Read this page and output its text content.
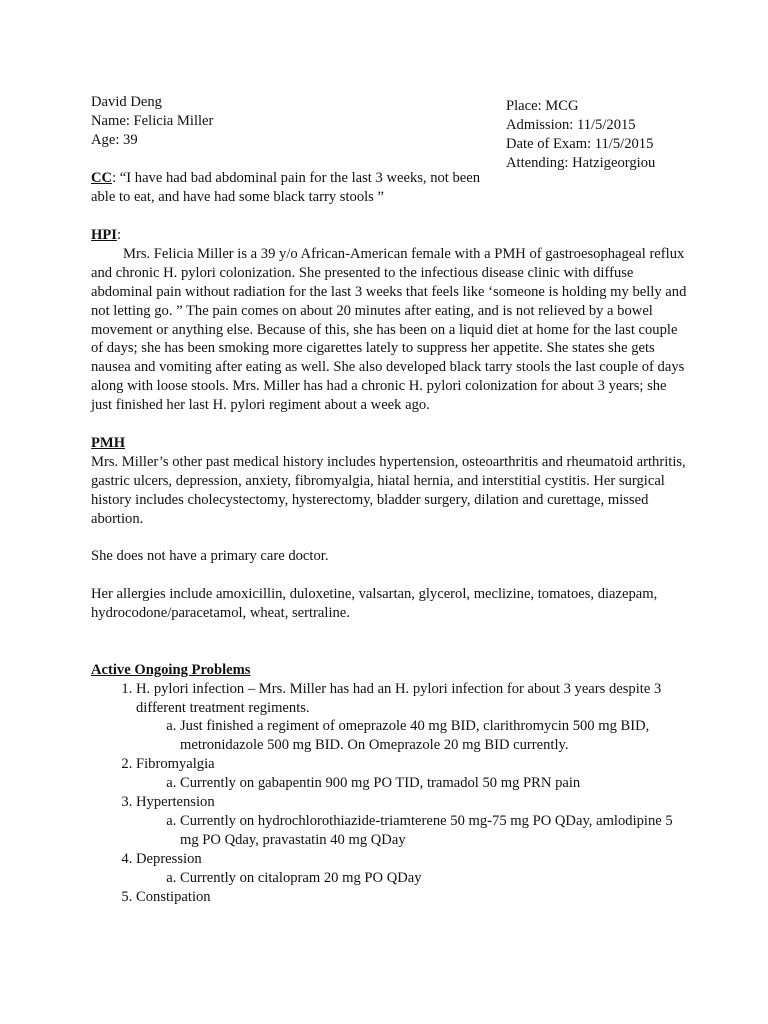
David Deng

Name: Felicia Miller

Age: 39

Place: MCG

Admission: 11/5/2015

Date of Exam: 11/5/2015

Attending: Hatzigeorgiou

CC: “I have had bad abdominal pain for the last 3 weeks, not been able to eat, and have had some black tarry stools ”

HPI:

Mrs. Felicia Miller is a 39 y/o African-American female with a PMH of gastroesophageal reflux and chronic H. pylori colonization. She presented to the infectious disease clinic with diffuse abdominal pain without radiation for the last 3 weeks that feels like ‘someone is holding my belly and not letting go. ” The pain comes on about 20 minutes after eating, and is not relieved by a bowel movement or anything else. Because of this, she has been on a liquid diet at home for the last couple of days; she has been smoking more cigarettes lately to suppress her appetite. She states she gets nausea and vomiting after eating as well. She also developed black tarry stools the last couple of days along with loose stools. Mrs. Miller has had a chronic H. pylori colonization for about 3 years; she just finished her last H. pylori regiment about a week ago.

PMH

Mrs. Miller’s other past medical history includes hypertension, osteoarthritis and rheumatoid arthritis, gastric ulcers, depression, anxiety, fibromyalgia, hiatal hernia, and interstitial cystitis. Her surgical history includes cholecystectomy, hysterectomy, bladder surgery, dilation and curettage, missed abortion.

She does not have a primary care doctor.

Her allergies include amoxicillin, duloxetine, valsartan, glycerol, meclizine, tomatoes, diazepam, hydrocodone/paracetamol, wheat, sertraline.

Active Ongoing Problems

1. H. pylori infection – Mrs. Miller has had an H. pylori infection for about 3 years despite 3 different treatment regiments.
a. Just finished a regiment of omeprazole 40 mg BID, clarithromycin 500 mg BID, metronidazole 500 mg BID. On Omeprazole 20 mg BID currently.
2. Fibromyalgia
a. Currently on gabapentin 900 mg PO TID, tramadol 50 mg PRN pain
3. Hypertension
a. Currently on hydrochlorothiazide-triamterene 50 mg-75 mg PO QDay, amlodipine 5 mg PO Qday, pravastatin 40 mg QDay
4. Depression
a. Currently on citalopram 20 mg PO QDay
5. Constipation
